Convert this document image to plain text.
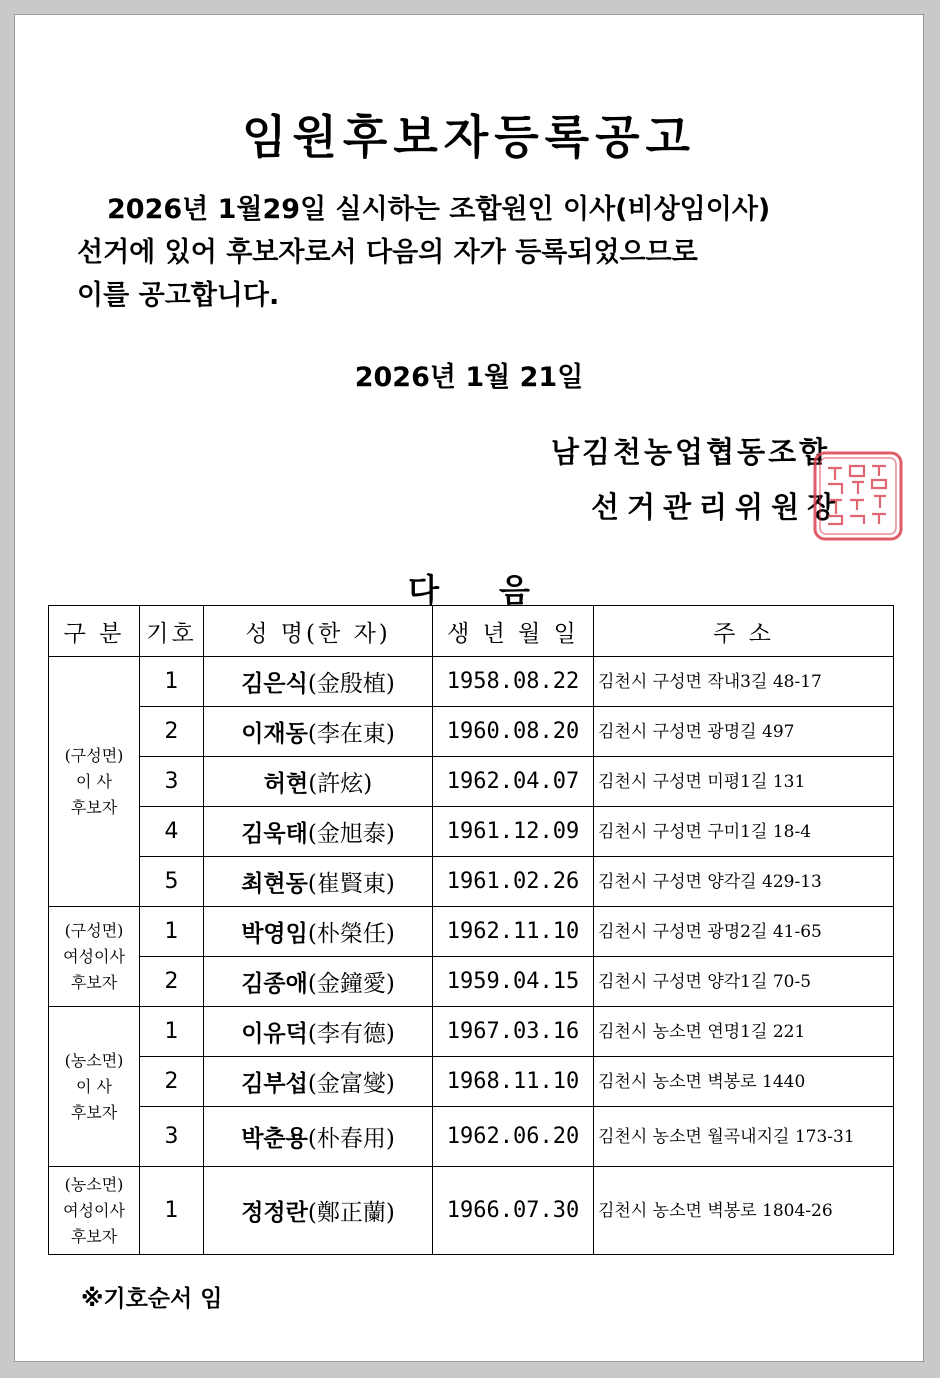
임원후보자등록공고
2026년 1월29일 실시하는 조합원인 이사(비상임이사)
선거에 있어 후보자로서 다음의 자가 등록되었으므로
이를 공고합니다.
2026년 1월 21일
남김천농업협동조합
선거관리위원장
다음
구 분	기호	성 명(한 자)	생 년 월 일	주 소

(구성면)
이 사
후보자	1	김은식(金殷植)	1958.08.22	김천시 구성면 작내3길 48-17
	2	이재동(李在東)	1960.08.20	김천시 구성면 광명길 497
	3	허현(許炫)	1962.04.07	김천시 구성면 미평1길 131
	4	김욱태(金旭泰)	1961.12.09	김천시 구성면 구미1길 18-4
	5	최현동(崔賢東)	1961.02.26	김천시 구성면 양각길 429-13

(구성면)
여성이사
후보자	1	박영임(朴榮任)	1962.11.10	김천시 구성면 광명2길 41-65
	2	김종애(金鐘愛)	1959.04.15	김천시 구성면 양각1길 70-5

(농소면)
이 사
후보자	1	이유덕(李有德)	1967.03.16	김천시 농소면 연명1길 221
	2	김부섭(金富燮)	1968.11.10	김천시 농소면 벽봉로 1440
	3	박춘용(朴春用)	1962.06.20	김천시 농소면 월곡내지길 173-31

(농소면)
여성이사
후보자	1	정정란(鄭正蘭)	1966.07.30	김천시 농소면 벽봉로 1804-26
※기호순서 임
